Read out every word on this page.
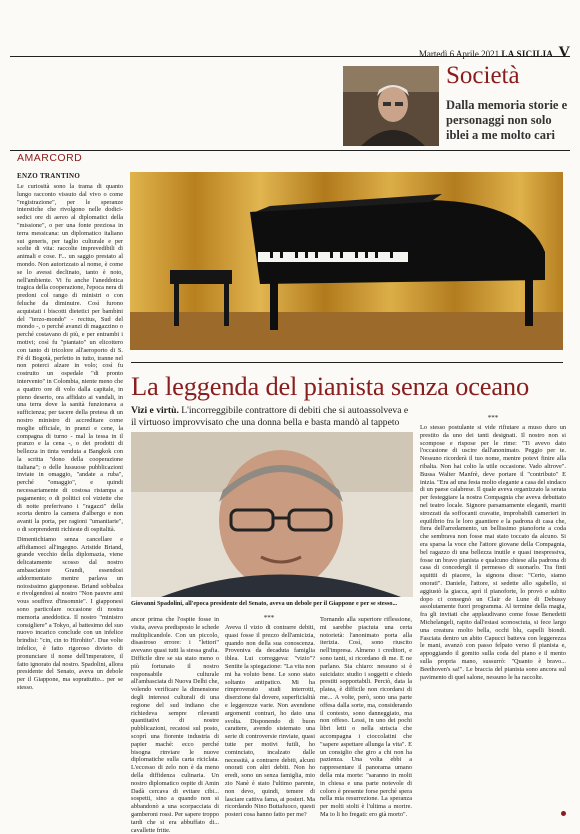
Martedì 6 Aprile 2021 LA SICILIA V
Società
Dalla memoria storie e personaggi non solo iblei a me molto cari
AMARCORD
ENZO TRANTINO

Le curiosità sono la trama di quanto lungo racconto vissuto dal vivo o come "registrazione", per le speranze interstiche che rivolgono nelle dodici-sedici ore di aereo al diplomatici della "missione", o per una fonte preziosa in terra messicana: un diplomatico italiano sui generis, per taglio culturale e per scelte di vita: raccolte imprevedibili di animali e cose. F... un saggio prestato al mondo. Non autorizzato al nome, è come se lo avessi declinato, tanto è noto, nell'ambiente. Vi fu anche l'aneddotica tragica della cooperazione, l'epoca nera di predoni col rango di ministri o con feluche da diminuire. Così furono acquistati i biscotti dietetici per bambini del "terzo-mondo" - recitus, Sud del mondo -, o perché avanzi di magazzino o perché costavano di più, e per entrambi i motivi; così fu "piantato" un elicottero con tanto di tricolore all'aeroporto di S. Fé di Bogotà, perfetto in tutto, tranne nel non poterci alzare in volo; così fu costruito un ospedale "di pronto intervento" in Colombia, niente meno che a quattro ore di volo dalla capitale, in pieno deserto, ora affidato ai vandali, in una terra dove la sanità funzionava a sufficienza; per tacere della pretesa di un nostro ministro di accreditare come moglie ufficiale, in pranzi e cene, la compagna di turno - mal la tessa in il pranzo e la cena -, o dei prodotti di bellezza in tinta venduta a Bangkok con la scritta "dono della cooperazione italiana"; o delle lussuose pubblicazioni inviate in omaggio, "andate a ruba", perché "omaggio", e quindi necessariamente di costosa ristampa a pagamento; o di politici col viziette che di notte preferivano i "ragazzi" della scorta dentro la camera d'albergo e non avanti la porta, per ragioni "umanitarie", o di sorprendenti richieste di ospitalità.

Dimentichiamo senza cancellare e affidiamoci all'ingegno. Aristide Briand, grande vecchio della diplomazia, viene delicatamente scosso dal nostro ambasciatore Grandi, essendosi addormentato mentre parlava un noiosissimo giapponese. Briand sobbalza e rivolgendosi al nostro "Non pauvre ami vous souffrez d'insomnie". I giapponesi sono particolare occasione di nostra memoria aneddotica. Il nostro "ministro consigliere" a Tokyo, al battesimo del suo nuovo incarico conclude con un infelice brindisi: "cin, cin to Hirohito". Due volte infelice, è fatto rigoroso divieto di pronunciare il nome dell'imperatore, il fatto ignorato dal nostro. Spadolini, allora presidente del Senato, aveva un debole per il Giappone, ma soprattutto... per se stesso.

La leggenda del pianista senza oceano
Vizi e virtù. L'incorreggibile contrattore di debiti che si autoassolveva e il virtuoso improvvisato che una donna bella e basta mandò al tappeto
Giovanni Spadolini, all'epoca presidente del Senato, aveva un debole per il Giappone e per se stesso...

ancor prima che l'ospite fosse in visita, aveva predisposto le schede multiplicandole. Con un piccolo, disastroso errore: i "lettori" avevano quasi tutti la stessa grafia. Difficile dire se sia stato meno o più fortunato il nostro responsabile culturale all'ambasciata di Nuova Delhi che, volendo verificare la dimensione degli interessi culturali di una regione del sud indiano che richiedeva sempre rilevanti quantitativi di nostre pubblicazioni, recatosi sul posto, scoprì una fiorente industria di papier maché: ecco perché bisogna rinviare le nuove diplomatiche sulla carta riciclata. L'eccesso di zelo non è da meno della diffidenza culinaria. Un nostro diplomatico ospite di Amin Dadà cercava di evitare cibi... sospetti, sino a quando non si abbandonò a una scorpacciata di gamberoni rossi. Per sapere troppo tardi che si era abbuffato di... cavallette fritte.

***

Aveva il vizio di contrarre debiti, quasi fosse il prezzo dell'amicizia, quando non della sua conoscenza. Proveniva da decaduta famiglia iblea. Lui correggeva: "vizio"? Sentite la spiegazione: "La vita non mi ha voluto bene. Le sono stato soltanto antipatico. Mi ha rimproverato studi interrotti, diserzione dal dovere, superficialità e leggerezze varie. Non avendone argomenti contrari, ho dato una svolta. Disponendo di buon carattere, avendo sistemato una serie di controversie rinviate, quasi tutte per motivi futili, ho cominciato, incalzato dalle necessità, a contrarre debiti, alcuni onorati con altri debiti. Non ho eredi, sono un senza famiglia, mio zio Nanè è stato l'ultimo parente, non devo, quindi, temere di lasciare cattiva fama, ai posteri. Ma ricordando Nino Buttafuoco, questi posteri cosa hanno fatto per me?

Tornando alla superiore riflessione, mi sarebbe piaciuta una certa notorietà: l'anonimato porta alla iterizia. Così, sono riuscito nell'impresa. Almeno i creditori, e sono tanti, si ricordano di me. E ne parlano. Sia chiaro: nessuno si è suicidato: studio i soggetti e chiedo prestiti sopportabili. Perciò, data la platea, è difficile non ricordarsi di me... A volte, però, sono una parte offesa dalla sorte, ma, considerando il contesto, sono danneggiato, ma non offeso. Lessi, in uno dei pochi libri letti o nella striscia che accompagna i cioccolatini che "sapere aspettare allunga la vita". E un consiglio che giro a chi non ha pazienza. Una volta ebbi a rappresentare il panorama umano della mia morte: "saranno in molti in chiesa e una parte notevole di coloro è presente forse perché spera nella mia resurrezione. La speranza per molti stolti è l'ultima a morire. Ma io li ho fregati: ero già morto".

***

Lo stesso postulante si vide rifiutare a muso duro un prestito da uno dei tanti designati. Il nostro non si scompose e rispose per le rime: "Ti avevo dato l'occasione di uscire dall'anonimato. Peggio per te. Nessuno ricorderà il tuo nome, mentre potevi finire alla ribalta. Non hai colto la utile occasione. Vado altrove". Bussa Walter Manfrè, deve portare il "contributo" E inizia. "Era ad una festa molto elegante a casa del sindaco di un paese calabrese. Il quale aveva organizzato la serata per festeggiare la nostra Compagnia che aveva debuttato nel teatro locale. Signore parsamamente eleganti, mariti strozzati da soffocanti cravatte, improbabili camerieri in equilibrio fra le loro guantiere e la padrona di casa che, fiera dell'arredamento, un bellissimo pianoforte a coda che sembrava non fosse mai stato toccato da alcuno. Si era sparsa la voce che l'attore giovane della Compagnia, bel ragazzo di una bellezza inutile e quasi inespressiva, fosse un bravo pianista e qualcuno chiese alla padrona di casa di concedergli il permesso di suonarlo. Tra finti squittii di piacere, la signora disse: "Certo, siamo onorati". Daniele, l'attore, si sedette allo sgabello, si aggiustò la giacca, aprì il pianoforte, lo provò e subito dopo ci consegnò un Clair de Lune di Debussy assolutamente fuori programma. Al termine della magia, fra gli invitati che applaudivano come fosse Benedetti Michelangeli, rapito dall'estasi sconosciuta, si fece largo una creatura molto bella, occhi blu, capelli biondi. Fasciata dentro un abito Capucci batteva con leggerezza le mani, avanzò con passo felpato verso il pianista e, appoggiando il gomito sulla coda del piano e il mento sulla propria mano, sussurrò: "Quanto è bravo... Beethoven's sa!". Le braccia del pianista sono ancora sul pavimento di quel salone, nessuno le ha raccolte.
